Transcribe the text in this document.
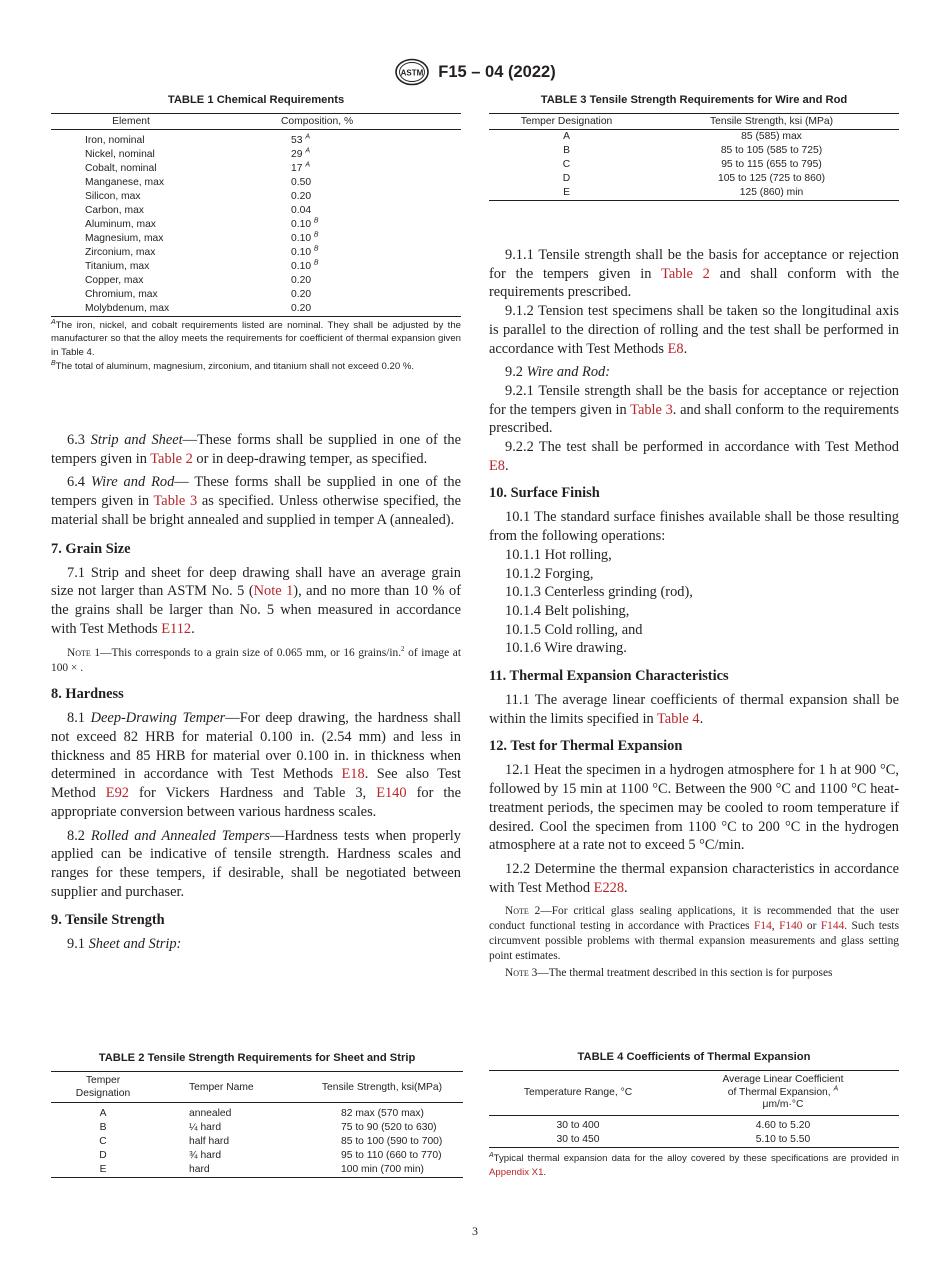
ASTM F15 – 04 (2022)
TABLE 1 Chemical Requirements
Element	Composition, %
Iron, nominal	53 $^A$
Nickel, nominal	29 $^A$
Cobalt, nominal	17 $^A$
Manganese, max	0.50
Silicon, max	0.20
Carbon, max	0.04
Aluminum, max	0.10 $^B$
Magnesium, max	0.10 $^B$
Zirconium, max	0.10 $^B$
Titanium, max	0.10 $^B$
Copper, max	0.20
Chromium, max	0.20
Molybdenum, max	0.20
$^A$The iron, nickel, and cobalt requirements listed are nominal. They shall be adjusted by the manufacturer so that the alloy meets the requirements for coefficient of thermal expansion given in Table 4.
$^B$The total of aluminum, magnesium, zirconium, and titanium shall not exceed 0.20 %.
TABLE 3 Tensile Strength Requirements for Wire and Rod
Temper Designation	Tensile Strength, ksi (MPa)
A	85 (585) max
B	85 to 105 (585 to 725)
C	95 to 115 (655 to 795)
D	105 to 125 (725 to 860)
E	125 (860) min

6.3 Strip and Sheet—These forms shall be supplied in one of the tempers given in Table 2 or in deep-drawing temper, as specified.

6.4 Wire and Rod— These forms shall be supplied in one of the tempers given in Table 3 as specified. Unless otherwise specified, the material shall be bright annealed and supplied in temper A (annealed).

7. Grain Size

7.1 Strip and sheet for deep drawing shall have an average grain size not larger than ASTM No. 5 (Note 1), and no more than 10 % of the grains shall be larger than No. 5 when measured in accordance with Test Methods E112.

Note 1—This corresponds to a grain size of 0.065 mm, or 16 grains/in.$^2$ of image at 100 × .

8. Hardness

8.1 Deep-Drawing Temper—For deep drawing, the hardness shall not exceed 82 HRB for material 0.100 in. (2.54 mm) and less in thickness and 85 HRB for material over 0.100 in. in thickness when determined in accordance with Test Methods E18. See also Test Method E92 for Vickers Hardness and Table 3, E140 for the appropriate conversion between various hardness scales.

8.2 Rolled and Annealed Tempers—Hardness tests when properly applied can be indicative of tensile strength. Hardness scales and ranges for these tempers, if desirable, shall be negotiated between supplier and purchaser.

9. Tensile Strength

9.1 Sheet and Strip:

9.1.1 Tensile strength shall be the basis for acceptance or rejection for the tempers given in Table 2 and shall conform with the requirements prescribed.

9.1.2 Tension test specimens shall be taken so the longitudinal axis is parallel to the direction of rolling and the test shall be performed in accordance with Test Methods E8.

9.2 Wire and Rod:

9.2.1 Tensile strength shall be the basis for acceptance or rejection for the tempers given in Table 3. and shall conform to the requirements prescribed.

9.2.2 The test shall be performed in accordance with Test Method E8.

10. Surface Finish

10.1 The standard surface finishes available shall be those resulting from the following operations:

10.1.1 Hot rolling,

10.1.2 Forging,

10.1.3 Centerless grinding (rod),

10.1.4 Belt polishing,

10.1.5 Cold rolling, and

10.1.6 Wire drawing.

11. Thermal Expansion Characteristics

11.1 The average linear coefficients of thermal expansion shall be within the limits specified in Table 4.

12. Test for Thermal Expansion

12.1 Heat the specimen in a hydrogen atmosphere for 1 h at 900 °C, followed by 15 min at 1100 °C. Between the 900 °C and 1100 °C heat-treatment periods, the specimen may be cooled to room temperature if desired. Cool the specimen from 1100 °C to 200 °C in the hydrogen atmosphere at a rate not to exceed 5 °C/min.

12.2 Determine the thermal expansion characteristics in accordance with Test Method E228.

Note 2—For critical glass sealing applications, it is recommended that the user conduct functional testing in accordance with Practices F14, F140 or F144. Such tests circumvent possible problems with thermal expansion measurements and glass setting point estimates.

Note 3—The thermal treatment described in this section is for purposes

TABLE 2 Tensile Strength Requirements for Sheet and Strip
Temper Designation	Temper Name	Tensile Strength, ksi(MPa)
A	annealed	82 max (570 max)
B	¼ hard	75 to 90 (520 to 630)
C	half hard	85 to 100 (590 to 700)
D	¾ hard	95 to 110 (660 to 770)
E	hard	100 min (700 min)
TABLE 4 Coefficients of Thermal Expansion
Temperature Range, °C	Average Linear Coefficient
of Thermal Expansion, $^A$
μm/m·°C
30 to 400	4.60 to 5.20
30 to 450	5.10 to 5.50
$^A$Typical thermal expansion data for the alloy covered by these specifications are provided in Appendix X1.
3
